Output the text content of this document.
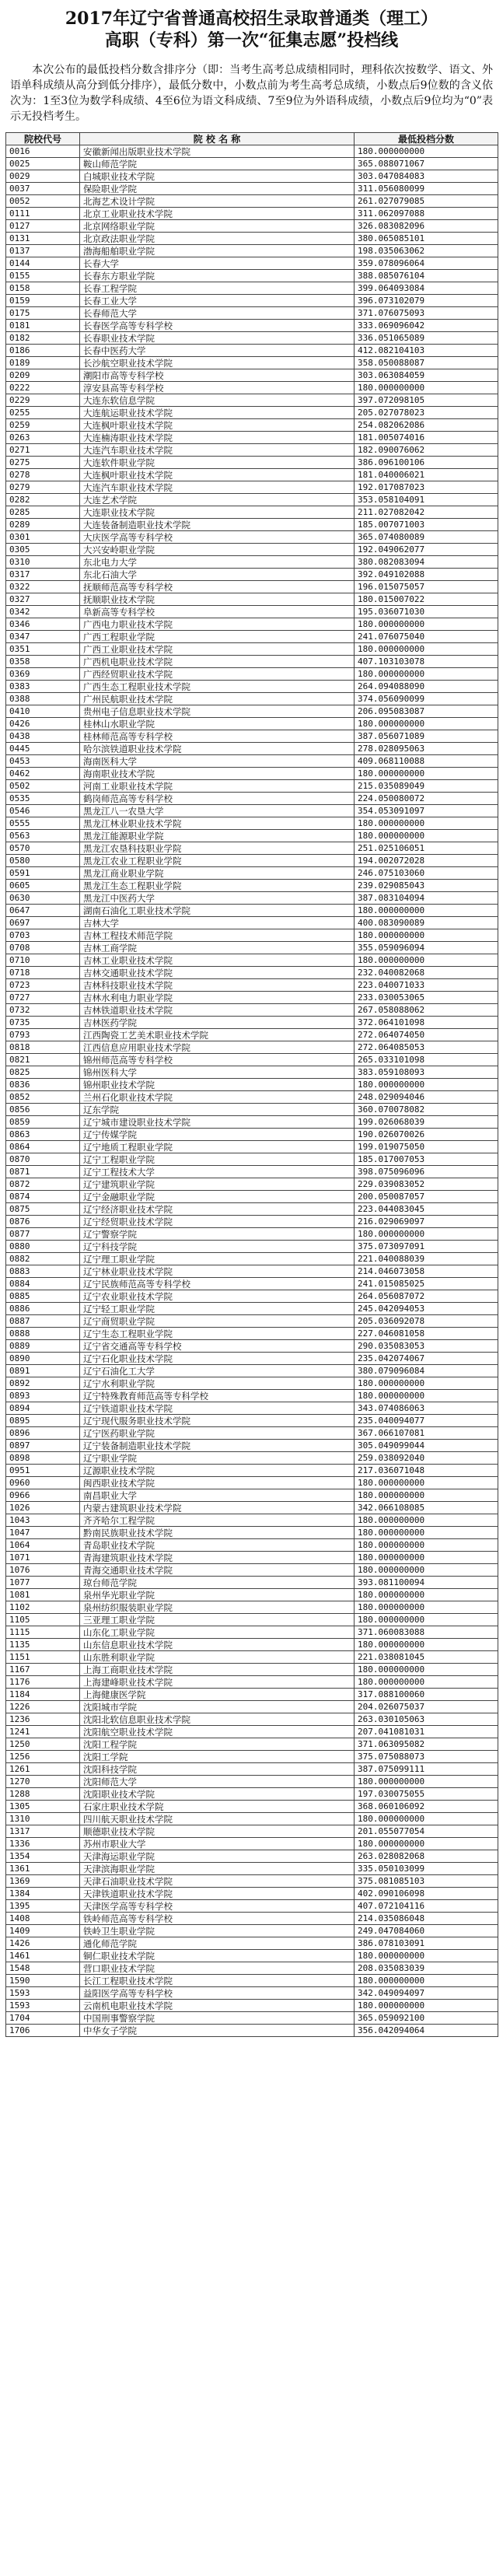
2017年辽宁省普通高校招生录取普通类（理工）
高职（专科）第一次“征集志愿”投档线

本次公布的最低投档分数含排序分（即：当考生高考总成绩相同时，理科依次按数学、语文、外语单科成绩从高分到低分排序），最低分数中，小数点前为考生高考总成绩，小数点后9位数的含义依次为：1至3位为数学科成绩、4至6位为语文科成绩、7至9位为外语科成绩，小数点后9位均为“0”表示无投档考生。

院校代号	院 校 名 称	最低投档分数
0016	安徽新闻出版职业技术学院	180.000000000
0025	鞍山师范学院	365.088071067
0029	白城职业技术学院	303.047084083
0037	保险职业学院	311.056080099
0052	北海艺术设计学院	261.027079085
0111	北京工业职业技术学院	311.062097088
0127	北京网络职业学院	326.083082096
0131	北京政法职业学院	380.065085101
0137	渤海船舶职业学院	198.035063062
0144	长春大学	359.078096064
0155	长春东方职业学院	388.085076104
0158	长春工程学院	399.064093084
0159	长春工业大学	396.073102079
0175	长春师范大学	371.076075093
0181	长春医学高等专科学校	333.069096042
0182	长春职业技术学院	336.051065089
0186	长春中医药大学	412.082104103
0189	长沙航空职业技术学院	358.050088087
0209	潮阳市高等专科学校	303.063084059
0222	淳安县高等专科学校	180.000000000
0229	大连东软信息学院	397.072098105
0255	大连航运职业技术学院	205.027078023
0259	大连枫叶职业技术学院	254.082062086
0263	大连楠涛职业技术学院	181.005074016
0271	大连汽车职业技术学院	182.090076062
0275	大连软件职业学院	386.096100106
0278	大连枫叶职业技术学院	181.040006021
0279	大连汽车职业技术学院	192.017087023
0282	大连艺术学院	353.058104091
0285	大连职业技术学院	211.027082042
0289	大连装备制造职业技术学院	185.007071003
0301	大庆医学高等专科学校	365.074080089
0305	大兴安岭职业学院	192.049062077
0310	东北电力大学	380.082083094
0317	东北石油大学	392.049102088
0322	抚顺师范高等专科学校	196.015075057
0327	抚顺职业技术学院	180.015007022
0342	阜新高等专科学校	195.036071030
0346	广西电力职业技术学院	180.000000000
0347	广西工程职业学院	241.076075040
0351	广西工业职业技术学院	180.000000000
0358	广西机电职业技术学院	407.103103078
0369	广西经贸职业技术学院	180.000000000
0383	广西生态工程职业技术学院	264.094088090
0388	广州民航职业技术学院	374.056090099
0410	贵州电子信息职业技术学院	206.095083087
0426	桂林山水职业学院	180.000000000
0438	桂林师范高等专科学校	387.056071089
0445	哈尔滨铁道职业技术学院	278.028095063
0453	海南医科大学	409.068110088
0462	海南职业技术学院	180.000000000
0502	河南工业职业技术学院	215.035089049
0535	鹤岗师范高等专科学校	224.050080072
0546	黑龙江八一农垦大学	354.053091097
0555	黑龙江林业职业技术学院	180.000000000
0563	黑龙江能源职业学院	180.000000000
0570	黑龙江农垦科技职业学院	251.025106051
0580	黑龙江农业工程职业学院	194.002072028
0591	黑龙江商业职业学院	246.075103060
0605	黑龙江生态工程职业学院	239.029085043
0630	黑龙江中医药大学	387.083104094
0647	湖南石油化工职业技术学院	180.000000000
0697	吉林大学	400.083090089
0703	吉林工程技术师范学院	180.000000000
0708	吉林工商学院	355.059096094
0710	吉林工业职业技术学院	180.000000000
0718	吉林交通职业技术学院	232.040082068
0723	吉林科技职业技术学院	223.040071033
0727	吉林水利电力职业学院	233.030053065
0732	吉林铁道职业技术学院	267.058088062
0735	吉林医药学院	372.064101098
0793	江西陶瓷工艺美术职业技术学院	272.064074050
0818	江西信息应用职业技术学院	272.064085053
0821	锦州师范高等专科学校	265.033101098
0825	锦州医科大学	383.059108093
0836	锦州职业技术学院	180.000000000
0852	兰州石化职业技术学院	248.029094046
0856	辽东学院	360.070078082
0859	辽宁城市建设职业技术学院	199.026068039
0863	辽宁传媒学院	190.026070026
0864	辽宁地质工程职业学院	199.019075050
0870	辽宁工程职业学院	185.017007053
0871	辽宁工程技术大学	398.075096096
0872	辽宁建筑职业学院	229.039083052
0874	辽宁金融职业学院	200.050087057
0875	辽宁经济职业技术学院	223.044083045
0876	辽宁经贸职业技术学院	216.029069097
0877	辽宁警察学院	180.000000000
0880	辽宁科技学院	375.073097091
0882	辽宁理工职业学院	221.040088039
0883	辽宁林业职业技术学院	214.046073058
0884	辽宁民族师范高等专科学校	241.015085025
0885	辽宁农业职业技术学院	264.056087072
0886	辽宁轻工职业学院	245.042094053
0887	辽宁商贸职业学院	205.036092078
0888	辽宁生态工程职业学院	227.046081058
0889	辽宁省交通高等专科学校	290.035083053
0890	辽宁石化职业技术学院	235.042074067
0891	辽宁石油化工大学	380.079096084
0892	辽宁水利职业学院	180.000000000
0893	辽宁特殊教育师范高等专科学校	180.000000000
0894	辽宁铁道职业技术学院	343.074086063
0895	辽宁现代服务职业技术学院	235.040094077
0896	辽宁医药职业学院	367.066107081
0897	辽宁装备制造职业技术学院	305.049099044
0898	辽宁职业学院	259.038092040
0951	辽源职业技术学院	217.036071048
0960	闽西职业技术学院	180.000000000
0966	南昌职业大学	180.000000000
1026	内蒙古建筑职业技术学院	342.066108085
1043	齐齐哈尔工程学院	180.000000000
1047	黔南民族职业技术学院	180.000000000
1064	青岛职业技术学院	180.000000000
1071	青海建筑职业技术学院	180.000000000
1076	青海交通职业技术学院	180.000000000
1077	琼台师范学院	393.081100094
1081	泉州华光职业学院	180.000000000
1102	泉州纺织服装职业学院	180.000000000
1105	三亚理工职业学院	180.000000000
1115	山东化工职业学院	371.060083088
1135	山东信息职业技术学院	180.000000000
1151	山东胜利职业学院	221.038081045
1167	上海工商职业技术学院	180.000000000
1176	上海建峰职业技术学院	180.000000000
1184	上海健康医学院	317.088100060
1226	沈阳城市学院	204.026075037
1236	沈阳北软信息职业技术学院	263.030105063
1241	沈阳航空职业技术学院	207.041081031
1250	沈阳工程学院	371.063095082
1256	沈阳工学院	375.075088073
1261	沈阳科技学院	387.075099111
1270	沈阳师范大学	180.000000000
1288	沈阳职业技术学院	197.030075055
1305	石家庄职业技术学院	368.060106092
1310	四川航天职业技术学院	180.000000000
1317	顺德职业技术学院	201.055077054
1336	苏州市职业大学	180.000000000
1354	天津海运职业学院	263.028082068
1361	天津滨海职业学院	335.050103099
1369	天津石油职业技术学院	375.081085103
1384	天津铁道职业技术学院	402.090106098
1395	天津医学高等专科学校	407.072104116
1408	铁岭师范高等专科学校	214.035086048
1409	铁岭卫生职业学院	249.047084060
1426	通化师范学院	386.078103091
1461	铜仁职业技术学院	180.000000000
1548	营口职业技术学院	208.035083039
1590	长江工程职业技术学院	180.000000000
1593	益阳医学高等专科学校	342.049094097
1593	云南机电职业技术学院	180.000000000
1704	中国刑事警察学院	365.059092100
1706	中华女子学院	356.042094064
